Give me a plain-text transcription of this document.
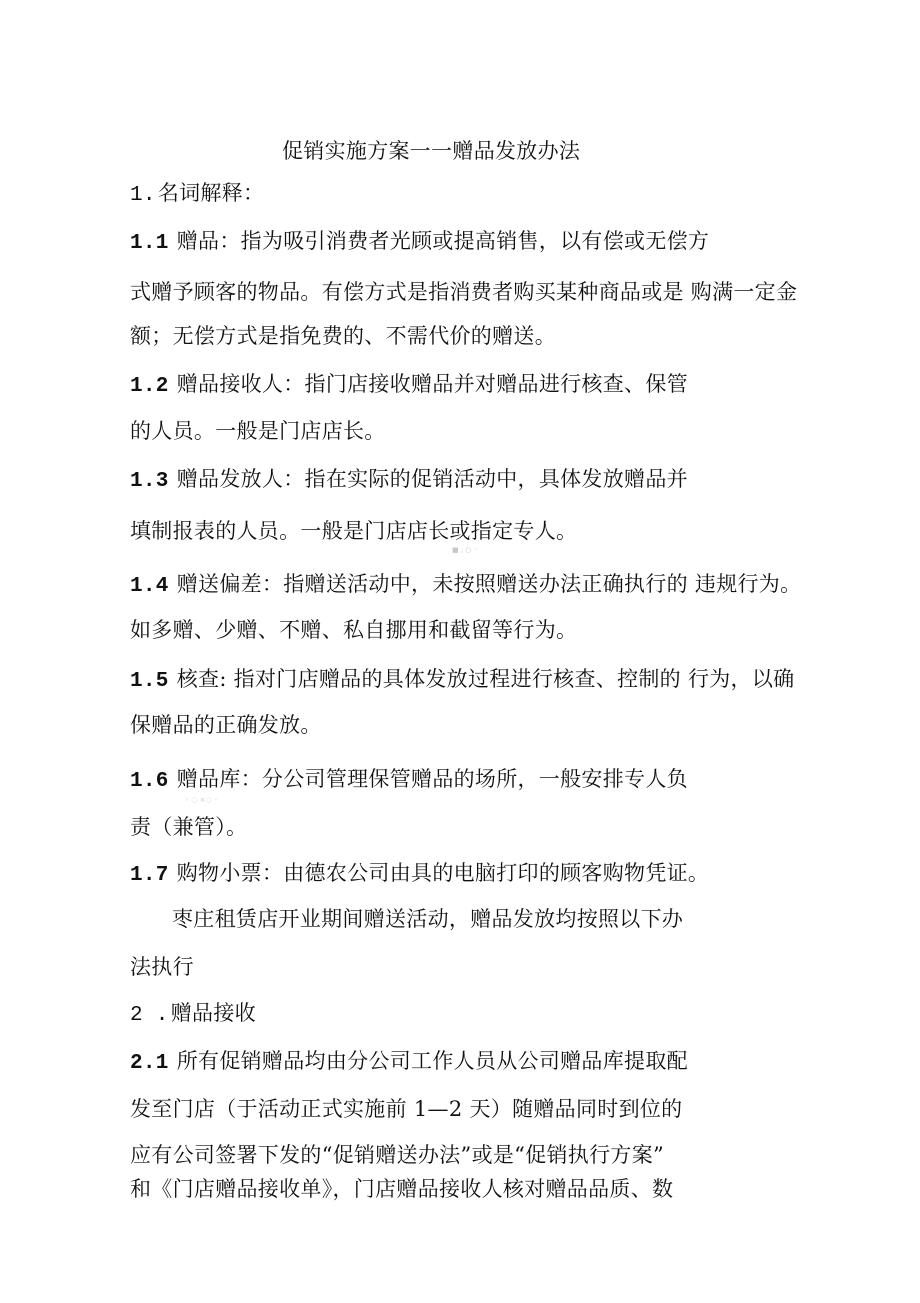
促销实施方案一一赠品发放办法
1.名词解释：
1.1 赠品：指为吸引消费者光顾或提高销售，以有偿或无偿方
式赠予顾客的物品。有偿方式是指消费者购买某种商品或是 购满一定金
额；无偿方式是指免费的、不需代价的赠送。
1.2 赠品接收人：指门店接收赠品并对赠品进行核查、保管
的人员。一般是门店店长。
1.3 赠品发放人：指在实际的促销活动中，具体发放赠品并
填制报表的人员。一般是门店店长或指定专人。
■ ; ○ ◦
1.4 赠送偏差：指赠送活动中，未按照赠送办法正确执行的 违规行为。
如多赠、少赠、不赠、私自挪用和截留等行为。
1.5 核查: 指对门店赠品的具体发放过程进行核查、控制的 行为，以确
保赠品的正确发放。
1.6 赠品库：分公司管理保管赠品的场所，一般安排专人负
◦ ◌ ×◌ ◦
责（兼管）。
1.7 购物小票：由德农公司由具的电脑打印的顾客购物凭证。
枣庄租赁店开业期间赠送活动，赠品发放均按照以下办
法执行
2 .赠品接收
2.1 所有促销赠品均由分公司工作人员从公司赠品库提取配
发至门店（于活动正式实施前 1—2 天）随赠品同时到位的
应有公司签署下发的“促销赠送办法”或是“促销执行方案”
和《门店赠品接收单》，门店赠品接收人核对赠品品质、数
